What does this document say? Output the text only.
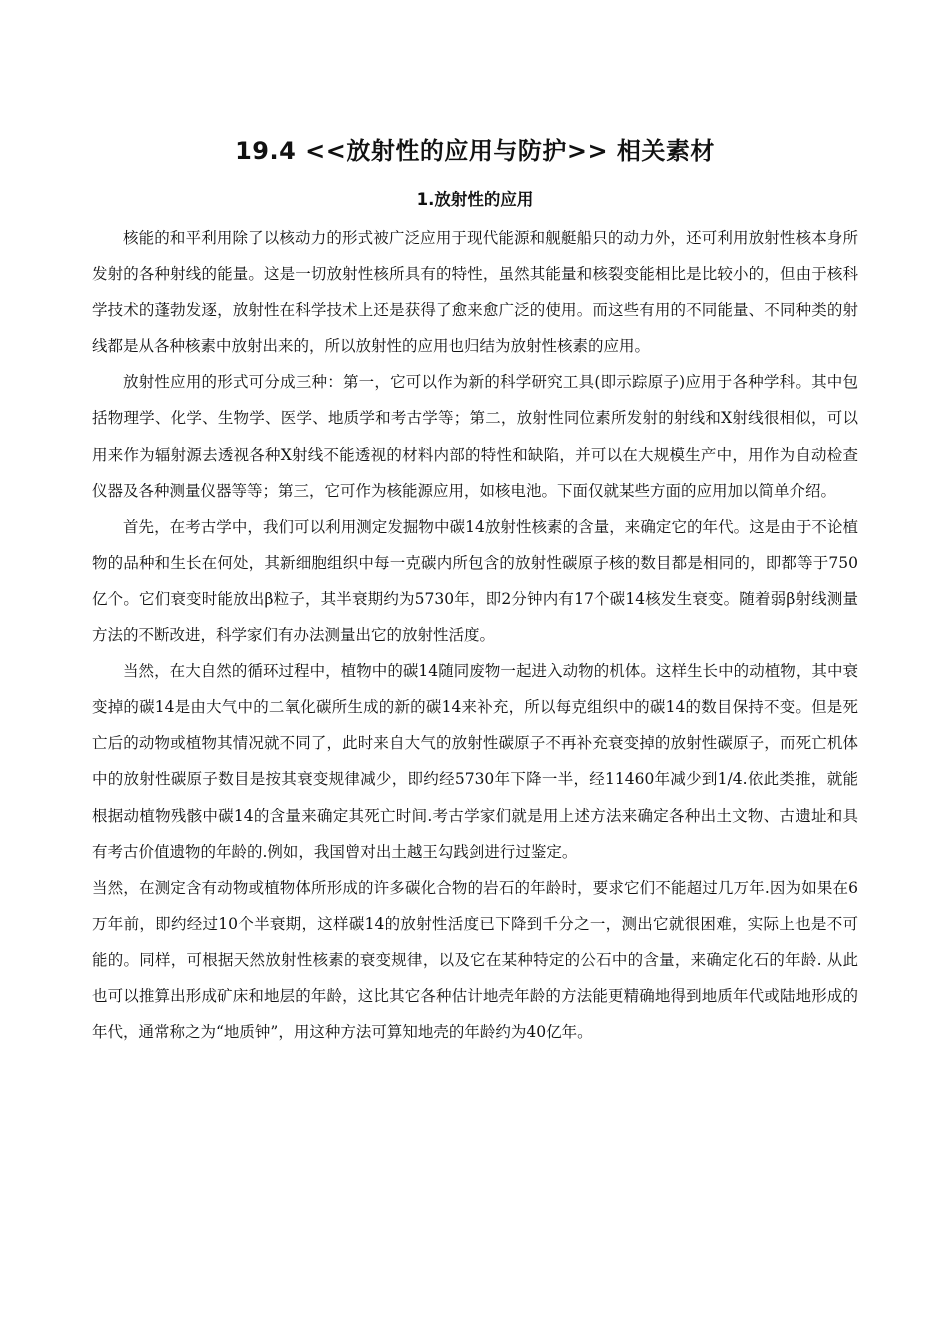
19.4 <<放射性的应用与防护>> 相关素材
1.放射性的应用

核能的和平利用除了以核动力的形式被广泛应用于现代能源和舰艇船只的动力外，还可利用放射性核本身所发射的各种射线的能量。这是一切放射性核所具有的特性，虽然其能量和核裂变能相比是比较小的，但由于核科学技术的蓬勃发逐，放射性在科学技术上还是获得了愈来愈广泛的使用。而这些有用的不同能量、不同种类的射线都是从各种核素中放射出来的，所以放射性的应用也归结为放射性核素的应用。

放射性应用的形式可分成三种：第一，它可以作为新的科学研究工具(即示踪原子)应用于各种学科。其中包括物理学、化学、生物学、医学、地质学和考古学等；第二，放射性同位素所发射的射线和X射线很相似，可以用来作为辐射源去透视各种X射线不能透视的材料内部的特性和缺陷，并可以在大规模生产中，用作为自动检查仪器及各种测量仪器等等；第三，它可作为核能源应用，如核电池。下面仅就某些方面的应用加以简单介绍。

首先，在考古学中，我们可以利用测定发掘物中碳14放射性核素的含量，来确定它的年代。这是由于不论植物的品种和生长在何处，其新细胞组织中每一克碳内所包含的放射性碳原子核的数目都是相同的，即都等于750亿个。它们衰变时能放出β粒子，其半衰期约为5730年，即2分钟内有17个碳14核发生衰变。随着弱β射线测量方法的不断改进，科学家们有办法测量出它的放射性活度。

当然，在大自然的循环过程中，植物中的碳14随同废物一起进入动物的机体。这样生长中的动植物，其中衰变掉的碳14是由大气中的二氧化碳所生成的新的碳14来补充，所以每克组织中的碳14的数目保持不变。但是死亡后的动物或植物其情况就不同了，此时来自大气的放射性碳原子不再补充衰变掉的放射性碳原子，而死亡机体中的放射性碳原子数目是按其衰变规律减少，即约经5730年下降一半，经11460年减少到1/4.依此类推，就能根据动植物残骸中碳14的含量来确定其死亡时间.考古学家们就是用上述方法来确定各种出土文物、古遗址和具有考古价值遗物的年龄的.例如，我国曾对出土越王勾践剑进行过鉴定。

当然，在测定含有动物或植物体所形成的许多碳化合物的岩石的年龄时，要求它们不能超过几万年.因为如果在6万年前，即约经过10个半衰期，这样碳14的放射性活度已下降到千分之一，测出它就很困难，实际上也是不可能的。同样，可根据天然放射性核素的衰变规律，以及它在某种特定的公石中的含量，来确定化石的年龄. 从此也可以推算出形成矿床和地层的年龄，这比其它各种估计地壳年龄的方法能更精确地得到地质年代或陆地形成的年代，通常称之为“地质钟”，用这种方法可算知地壳的年龄约为40亿年。
